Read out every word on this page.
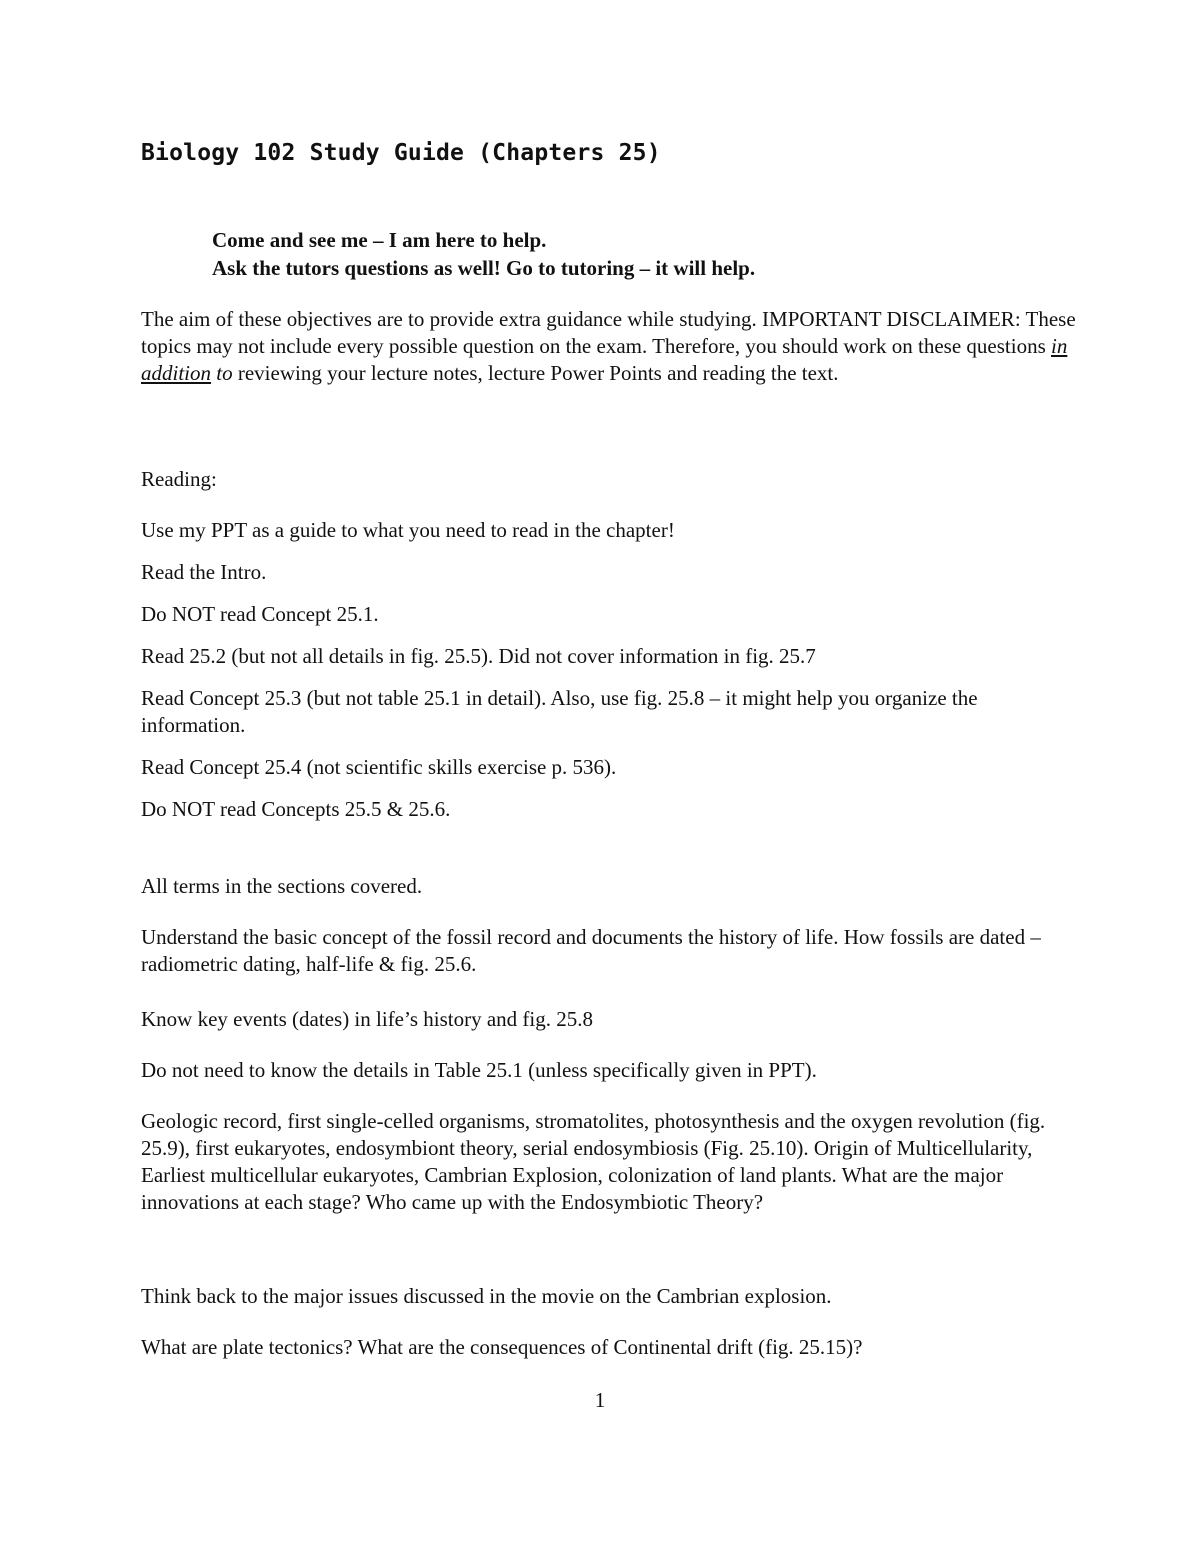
Biology 102 Study Guide (Chapters 25)
Come and see me – I am here to help.
Ask the tutors questions as well! Go to tutoring – it will help.

The aim of these objectives are to provide extra guidance while studying. IMPORTANT DISCLAIMER: These topics may not include every possible question on the exam. Therefore, you should work on these questions in addition to reviewing your lecture notes, lecture Power Points and reading the text.

Reading:

Use my PPT as a guide to what you need to read in the chapter!

Read the Intro.

Do NOT read Concept 25.1.

Read 25.2 (but not all details in fig. 25.5). Did not cover information in fig. 25.7

Read Concept 25.3 (but not table 25.1 in detail). Also, use fig. 25.8 – it might help you organize the information.

Read Concept 25.4 (not scientific skills exercise p. 536).

Do NOT read Concepts 25.5 & 25.6.

All terms in the sections covered.

Understand the basic concept of the fossil record and documents the history of life. How fossils are dated – radiometric dating, half-life & fig. 25.6.

Know key events (dates) in life’s history and fig. 25.8

Do not need to know the details in Table 25.1 (unless specifically given in PPT).

Geologic record, first single-celled organisms, stromatolites, photosynthesis and the oxygen revolution (fig. 25.9), first eukaryotes, endosymbiont theory, serial endosymbiosis (Fig. 25.10). Origin of Multicellularity, Earliest multicellular eukaryotes, Cambrian Explosion, colonization of land plants. What are the major innovations at each stage? Who came up with the Endosymbiotic Theory?

Think back to the major issues discussed in the movie on the Cambrian explosion.

What are plate tectonics? What are the consequences of Continental drift (fig. 25.15)?

1
